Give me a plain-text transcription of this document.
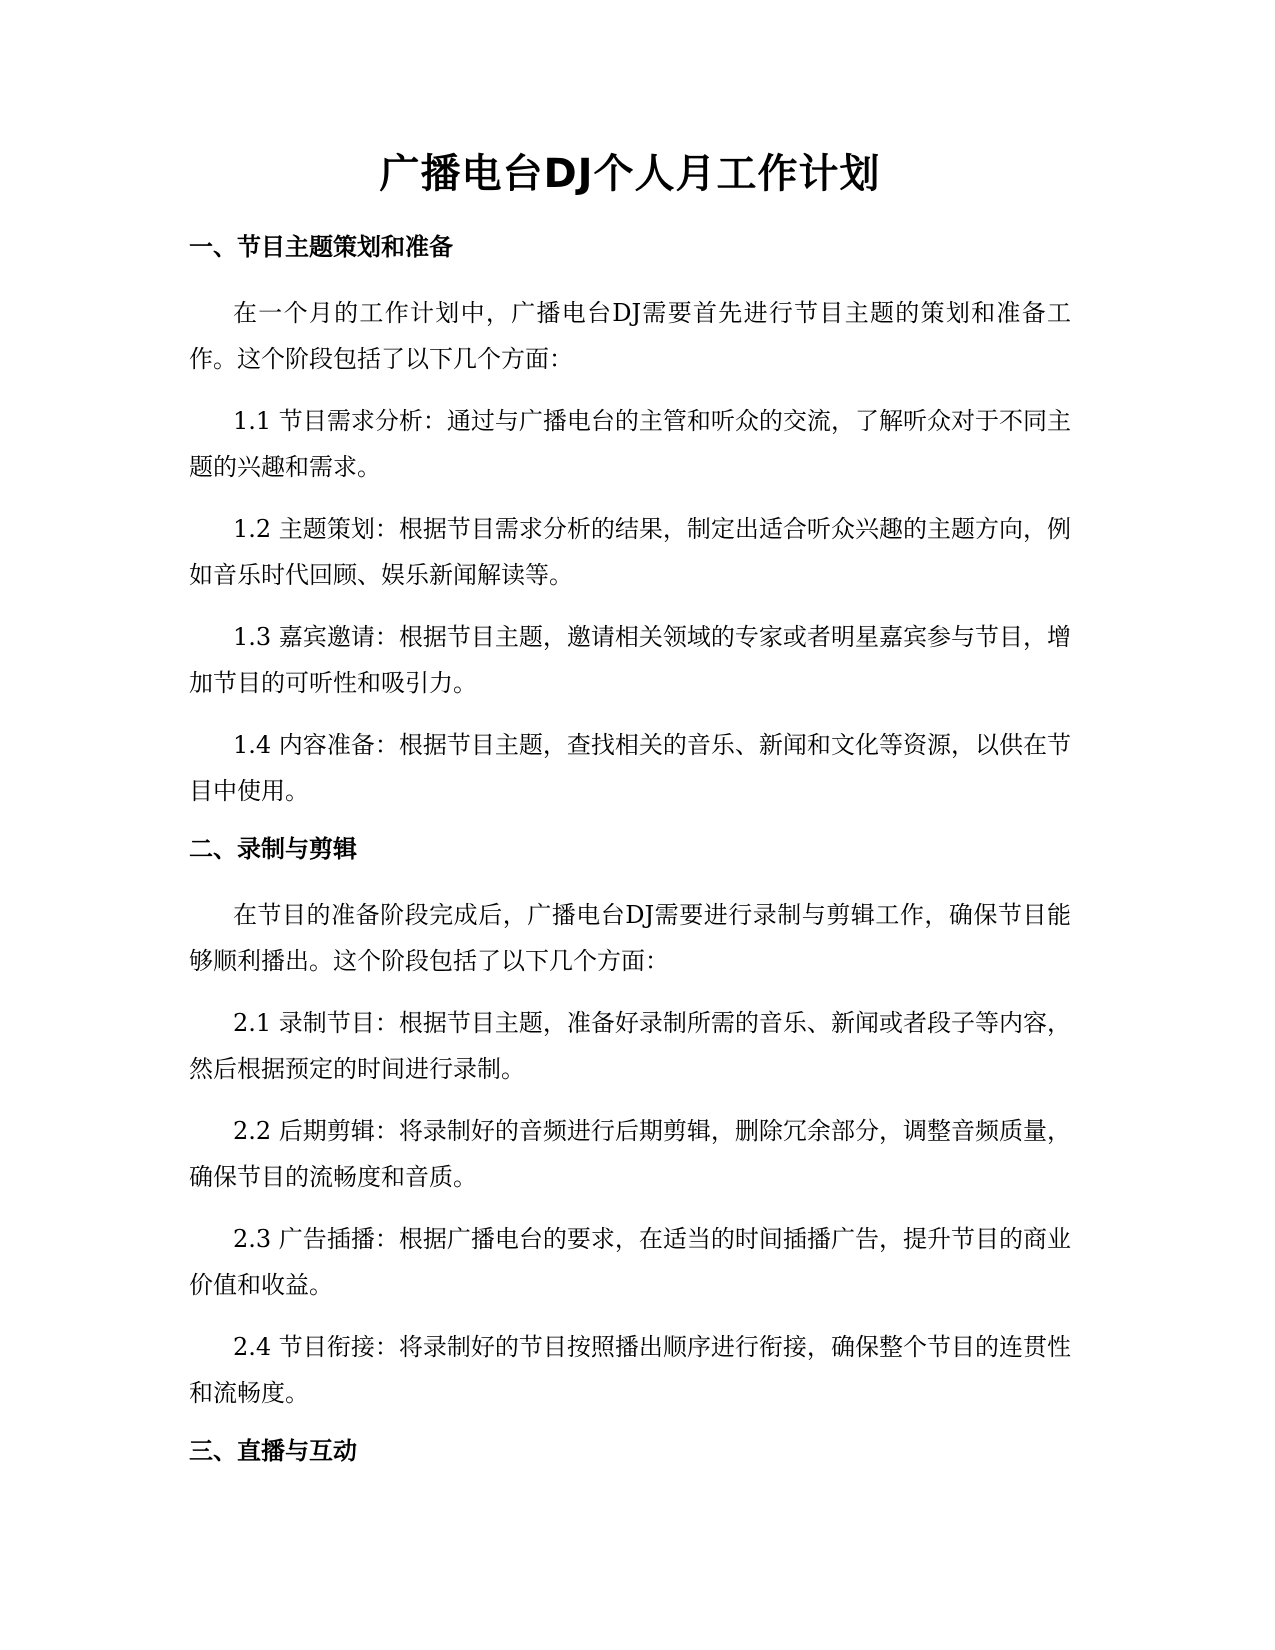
广播电台DJ个人月工作计划
一、节目主题策划和准备

在一个月的工作计划中，广播电台DJ需要首先进行节目主题的策划和准备工作。这个阶段包括了以下几个方面：

1.1 节目需求分析：通过与广播电台的主管和听众的交流，了解听众对于不同主题的兴趣和需求。

1.2 主题策划：根据节目需求分析的结果，制定出适合听众兴趣的主题方向，例如音乐时代回顾、娱乐新闻解读等。

1.3 嘉宾邀请：根据节目主题，邀请相关领域的专家或者明星嘉宾参与节目，增加节目的可听性和吸引力。

1.4 内容准备：根据节目主题，查找相关的音乐、新闻和文化等资源，以供在节目中使用。

二、录制与剪辑

在节目的准备阶段完成后，广播电台DJ需要进行录制与剪辑工作，确保节目能够顺利播出。这个阶段包括了以下几个方面：

2.1 录制节目：根据节目主题，准备好录制所需的音乐、新闻或者段子等内容，然后根据预定的时间进行录制。

2.2 后期剪辑：将录制好的音频进行后期剪辑，删除冗余部分，调整音频质量，确保节目的流畅度和音质。

2.3 广告插播：根据广播电台的要求，在适当的时间插播广告，提升节目的商业价值和收益。

2.4 节目衔接：将录制好的节目按照播出顺序进行衔接，确保整个节目的连贯性和流畅度。

三、直播与互动
